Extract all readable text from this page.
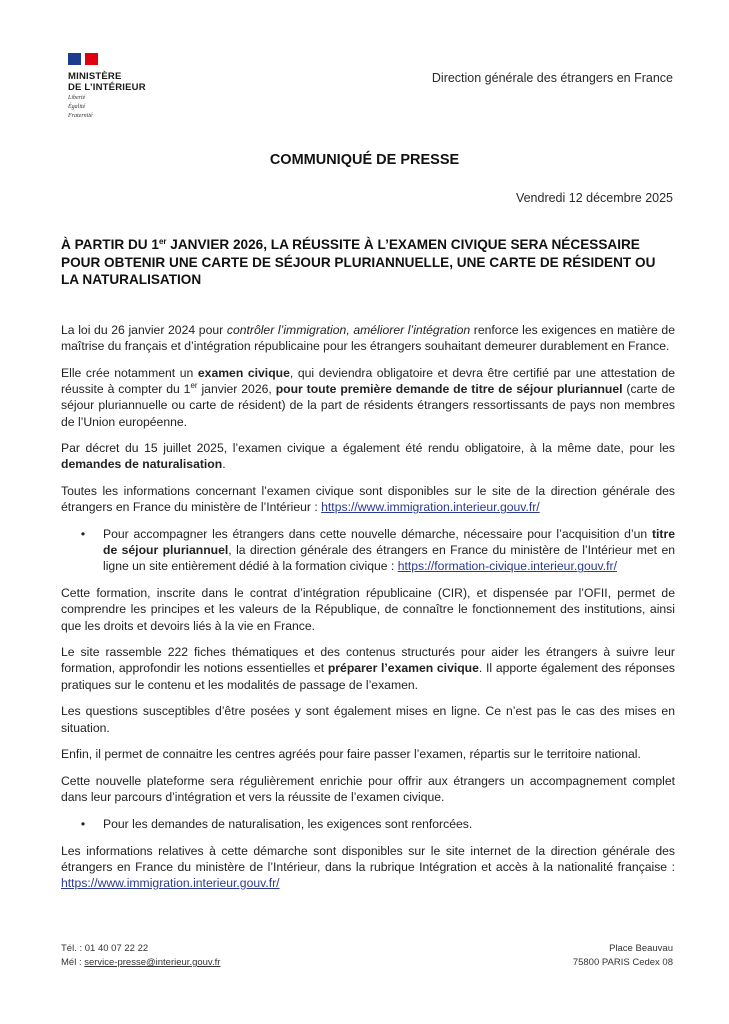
MINISTÈRE
DE L’INTÉRIEUR
Liberté
Égalité
Fraternité
Direction générale des étrangers en France
COMMUNIQUÉ DE PRESSE
Vendredi 12 décembre 2025
À PARTIR DU 1er JANVIER 2026, LA RÉUSSITE À L’EXAMEN CIVIQUE SERA NÉCESSAIRE POUR OBTENIR UNE CARTE DE SÉJOUR PLURIANNUELLE, UNE CARTE DE RÉSIDENT OU LA NATURALISATION

La loi du 26 janvier 2024 pour contrôler l’immigration, améliorer l’intégration renforce les exigences en matière de maîtrise du français et d’intégration républicaine pour les étrangers souhaitant demeurer durablement en France.

Elle crée notamment un examen civique, qui deviendra obligatoire et devra être certifié par une attestation de réussite à compter du 1er janvier 2026, pour toute première demande de titre de séjour pluriannuel (carte de séjour pluriannuelle ou carte de résident) de la part de résidents étrangers ressortissants de pays non membres de l’Union européenne.

Par décret du 15 juillet 2025, l’examen civique a également été rendu obligatoire, à la même date, pour les demandes de naturalisation.

Toutes les informations concernant l’examen civique sont disponibles sur le site de la direction générale des étrangers en France du ministère de l’Intérieur : https://www.immigration.interieur.gouv.fr/

•	Pour accompagner les étrangers dans cette nouvelle démarche, nécessaire pour l’acquisition d’un titre de séjour pluriannuel, la direction générale des étrangers en France du ministère de l’Intérieur met en ligne un site entièrement dédié à la formation civique : https://formation-civique.interieur.gouv.fr/

Cette formation, inscrite dans le contrat d’intégration républicaine (CIR), et dispensée par l’OFII, permet de comprendre les principes et les valeurs de la République, de connaître le fonctionnement des institutions, ainsi que les droits et devoirs liés à la vie en France.

Le site rassemble 222 fiches thématiques et des contenus structurés pour aider les étrangers à suivre leur formation, approfondir les notions essentielles et préparer l’examen civique. Il apporte également des réponses pratiques sur le contenu et les modalités de passage de l’examen.

Les questions susceptibles d’être posées y sont également mises en ligne. Ce n’est pas le cas des mises en situation.

Enfin, il permet de connaitre les centres agréés pour faire passer l’examen, répartis sur le territoire national.

Cette nouvelle plateforme sera régulièrement enrichie pour offrir aux étrangers un accompagnement complet dans leur parcours d’intégration et vers la réussite de l’examen civique.

•	Pour les demandes de naturalisation, les exigences sont renforcées.

Les informations relatives à cette démarche sont disponibles sur le site internet de la direction générale des étrangers en France du ministère de l’Intérieur, dans la rubrique Intégration et accès à la nationalité française : https://www.immigration.interieur.gouv.fr/

Tél. : 01 40 07 22 22
Mél : service-presse@interieur.gouv.fr
Place Beauvau
75800 PARIS Cedex 08
